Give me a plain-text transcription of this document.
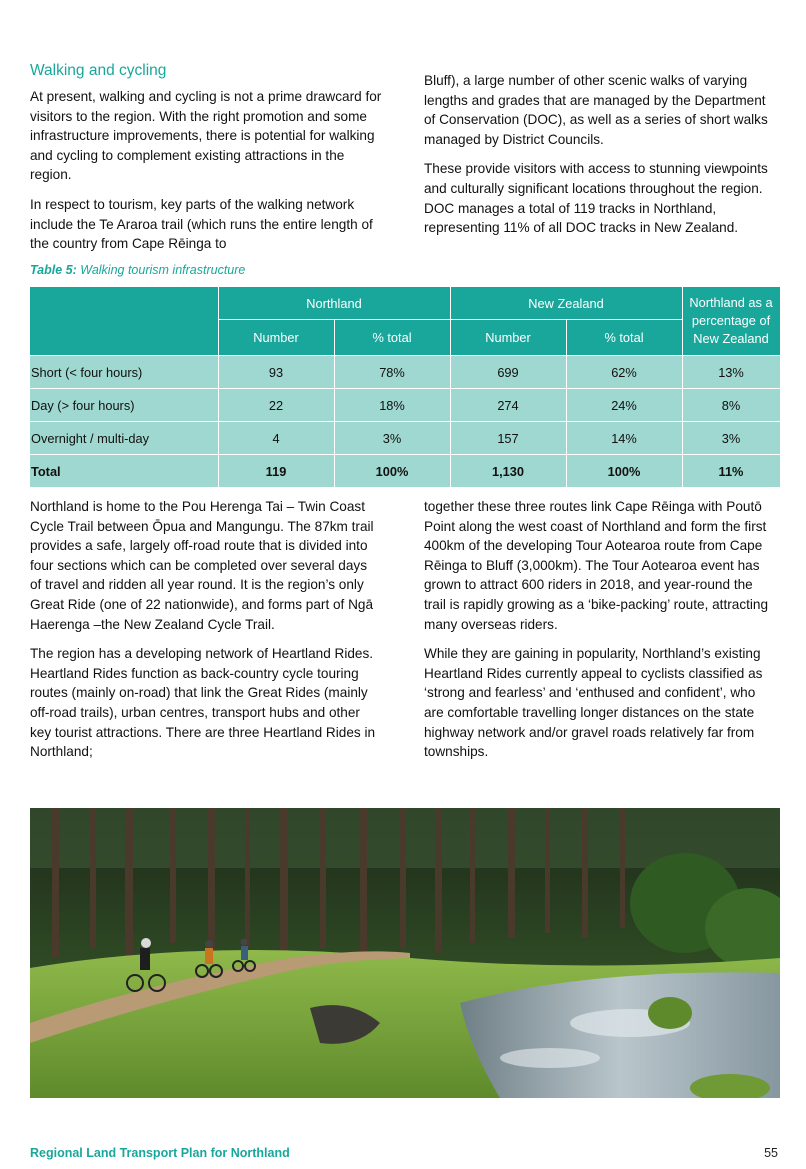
Walking and cycling

At present, walking and cycling is not a prime drawcard for visitors to the region. With the right promotion and some infrastructure improvements, there is potential for walking and cycling to complement existing attractions in the region.

In respect to tourism, key parts of the walking network include the Te Araroa trail (which runs the entire length of the country from Cape Rēinga to

Bluff), a large number of other scenic walks of varying lengths and grades that are managed by the Department of Conservation (DOC), as well as a series of short walks managed by District Councils.

These provide visitors with access to stunning viewpoints and culturally significant locations throughout the region. DOC manages a total of 119 tracks in Northland, representing 11% of all DOC tracks in New Zealand.

Table 5: Walking tourism infrastructure
	Northland		New Zealand		Northland as a percentage of New Zealand
	Number	% total	Number	% total	
Short (< four hours)	93	78%	699	62%	13%
Day (> four hours)	22	18%	274	24%	8%
Overnight / multi-day	4	3%	157	14%	3%
Total	119	100%	1,130	100%	11%

Northland is home to the Pou Herenga Tai – Twin Coast Cycle Trail between Ōpua and Mangungu. The 87km trail provides a safe, largely off-road route that is divided into four sections which can be completed over several days of travel and ridden all year round. It is the region’s only Great Ride (one of 22 nationwide), and forms part of Ngā Haerenga –the New Zealand Cycle Trail.

The region has a developing network of Heartland Rides. Heartland Rides function as back-country cycle touring routes (mainly on-road) that link the Great Rides (mainly off-road trails), urban centres, transport hubs and other key tourist attractions. There are three Heartland Rides in Northland;

together these three routes link Cape Rēinga with Poutō Point along the west coast of Northland and form the first 400km of the developing Tour Aotearoa route from Cape Rēinga to Bluff (3,000km). The Tour Aotearoa event has grown to attract 600 riders in 2018, and year-round the trail is rapidly growing as a ‘bike-packing’ route, attracting many overseas riders.

While they are gaining in popularity, Northland’s existing Heartland Rides currently appeal to cyclists classified as ‘strong and fearless’ and ‘enthused and confident’, who are comfortable travelling longer distances on the state highway network and/or gravel roads relatively far from townships.

Regional Land Transport Plan for Northland	55
